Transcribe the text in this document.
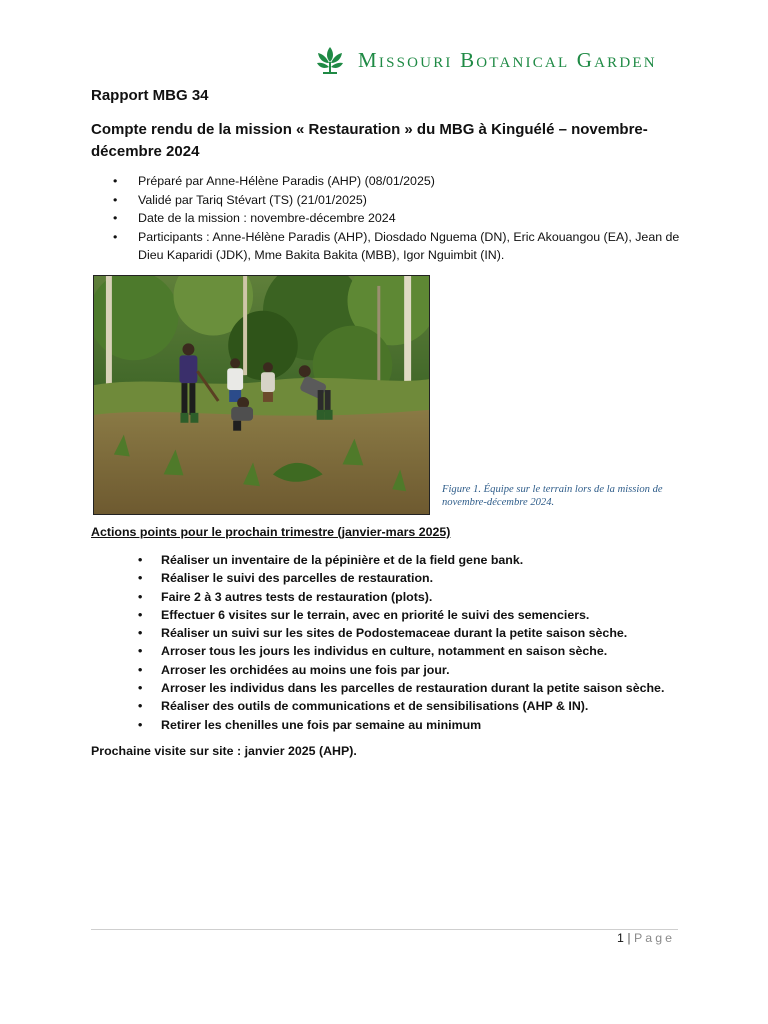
Missouri Botanical Garden
Rapport MBG 34
Compte rendu de la mission « Restauration » du MBG à Kinguélé – novembre-décembre 2024
• Préparé par Anne-Hélène Paradis (AHP) (08/01/2025)
• Validé par Tariq Stévart (TS) (21/01/2025)
• Date de la mission : novembre-décembre 2024
• Participants : Anne-Hélène Paradis (AHP), Diosdado Nguema (DN), Eric Akouangou (EA), Jean de Dieu Kaparidi (JDK), Mme Bakita Bakita (MBB), Igor Nguimbit (IN).
Figure 1. Équipe sur le terrain lors de la mission de novembre-décembre 2024.
Actions points pour le prochain trimestre (janvier-mars 2025)
• Réaliser un inventaire de la pépinière et de la field gene bank.
• Réaliser le suivi des parcelles de restauration.
• Faire 2 à 3 autres tests de restauration (plots).
• Effectuer 6 visites sur le terrain, avec en priorité le suivi des semenciers.
• Réaliser un suivi sur les sites de Podostemaceae durant la petite saison sèche.
• Arroser tous les jours les individus en culture, notamment en saison sèche.
• Arroser les orchidées au moins une fois par jour.
• Arroser les individus dans les parcelles de restauration durant la petite saison sèche.
• Réaliser des outils de communications et de sensibilisations (AHP & IN).
• Retirer les chenilles une fois par semaine au minimum
Prochaine visite sur site : janvier 2025 (AHP).
1 | Page
